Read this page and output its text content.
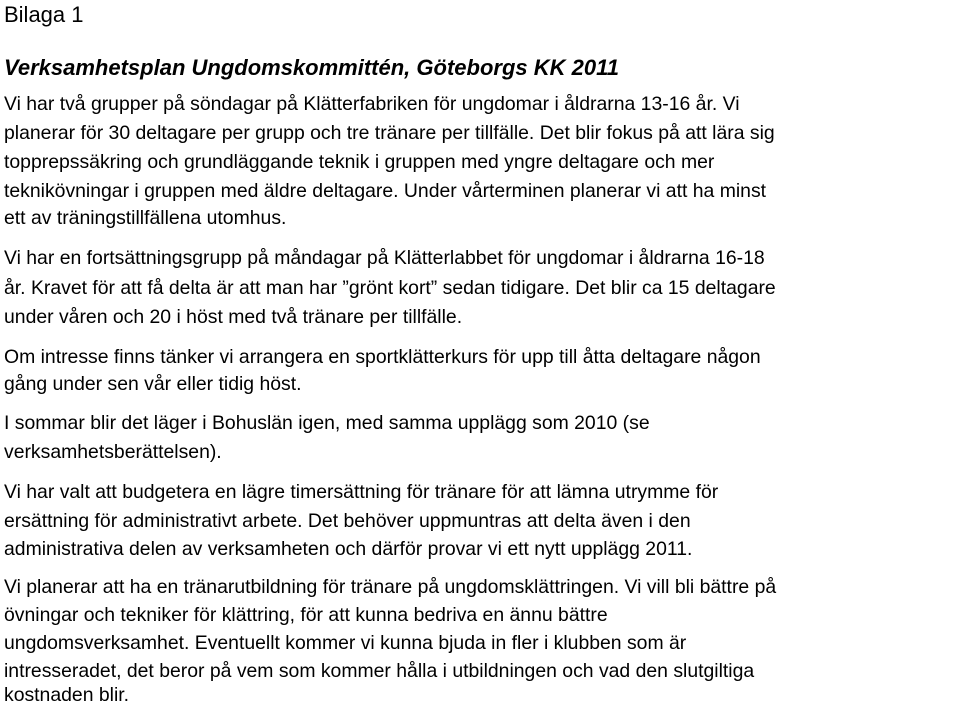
Bilaga 1
Verksamhetsplan Ungdomskommittén, Göteborgs KK 2011
Vi har två grupper på söndagar på Klätterfabriken för ungdomar i åldrarna 13-16 år. Vi
planerar för 30 deltagare per grupp och tre tränare per tillfälle. Det blir fokus på att lära sig
topprepssäkring och grundläggande teknik i gruppen med yngre deltagare och mer
teknikövningar i gruppen med äldre deltagare. Under vårterminen planerar vi att ha minst
ett av träningstillfällena utomhus.
Vi har en fortsättningsgrupp på måndagar på Klätterlabbet för ungdomar i åldrarna 16-18
år. Kravet för att få delta är att man har ”grönt kort” sedan tidigare. Det blir ca 15 deltagare
under våren och 20 i höst med två tränare per tillfälle.
Om intresse finns tänker vi arrangera en sportklätterkurs för upp till åtta deltagare någon
gång under sen vår eller tidig höst.
I sommar blir det läger i Bohuslän igen, med samma upplägg som 2010 (se
verksamhetsberättelsen).
Vi har valt att budgetera en lägre timersättning för tränare för att lämna utrymme för
ersättning för administrativt arbete. Det behöver uppmuntras att delta även i den
administrativa delen av verksamheten och därför provar vi ett nytt upplägg 2011.
Vi planerar att ha en tränarutbildning för tränare på ungdomsklättringen. Vi vill bli bättre på
övningar och tekniker för klättring, för att kunna bedriva en ännu bättre
ungdomsverksamhet. Eventuellt kommer vi kunna bjuda in fler i klubben som är
intresseradet, det beror på vem som kommer hålla i utbildningen och vad den slutgiltiga
kostnaden blir.
